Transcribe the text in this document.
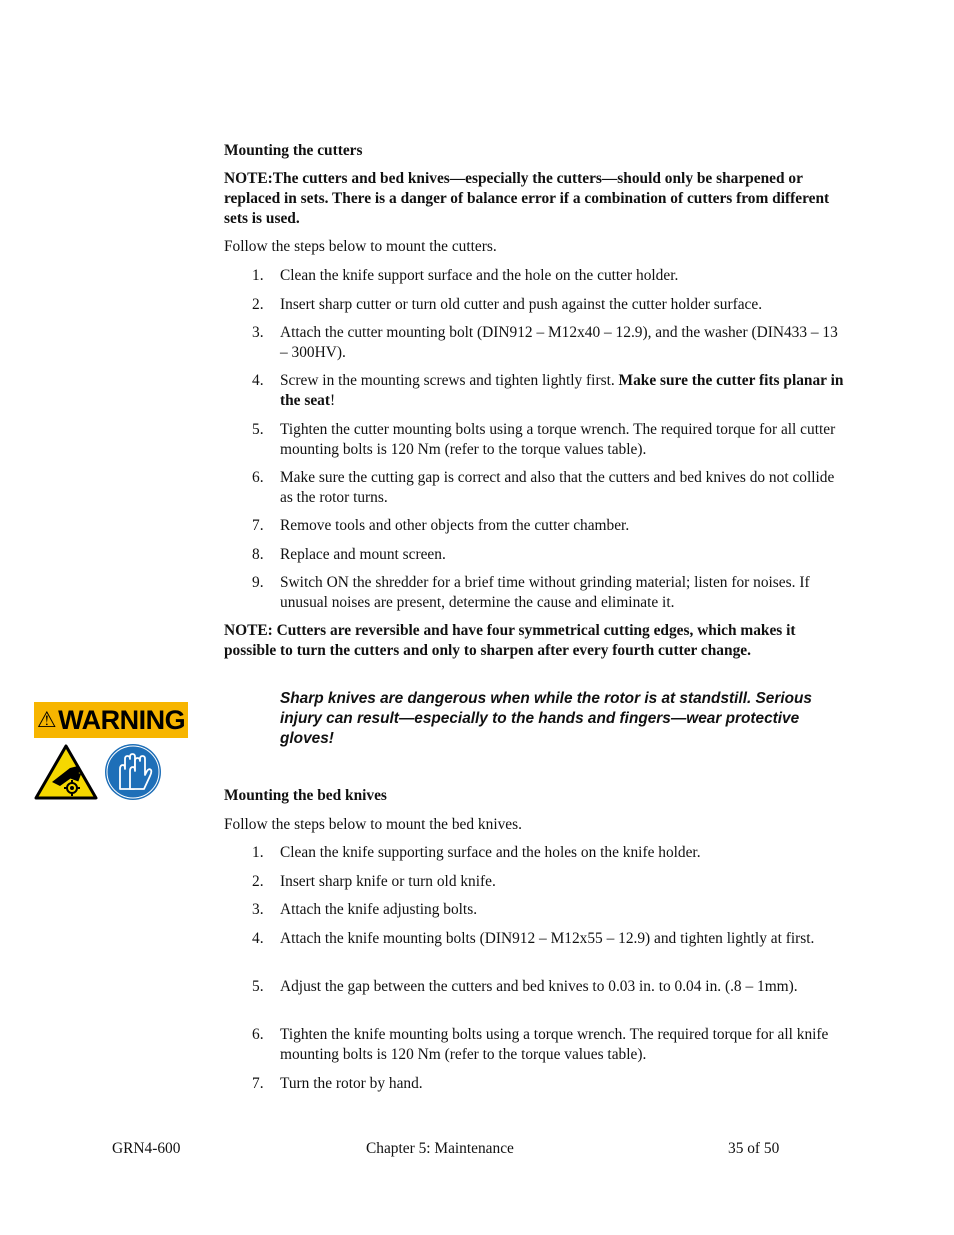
Mounting the cutters

NOTE:The cutters and bed knives—especially the cutters—should only be sharpened or replaced in sets. There is a danger of balance error if a combination of cutters from different sets is used.

Follow the steps below to mount the cutters.

1.	Clean the knife support surface and the hole on the cutter holder.
2.	Insert sharp cutter or turn old cutter and push against the cutter holder surface.
3.	Attach the cutter mounting bolt (DIN912 – M12x40 – 12.9), and the washer (DIN433 – 13 – 300HV).
4.	Screw in the mounting screws and tighten lightly first. Make sure the cutter fits planar in the seat!
5.	Tighten the cutter mounting bolts using a torque wrench. The required torque for all cutter mounting bolts is 120 Nm (refer to the torque values table).
6.	Make sure the cutting gap is correct and also that the cutters and bed knives do not collide as the rotor turns.
7.	Remove tools and other objects from the cutter chamber.
8.	Replace and mount screen.
9.	Switch ON the shredder for a brief time without grinding material; listen for noises. If unusual noises are present, determine the cause and eliminate it.

NOTE: Cutters are reversible and have four symmetrical cutting edges, which makes it possible to turn the cutters and only to sharpen after every fourth cutter change.

⚠ WARNING

Sharp knives are dangerous when while the rotor is at standstill. Serious injury can result—especially to the hands and fingers—wear protective gloves!

Mounting the bed knives

Follow the steps below to mount the bed knives.

1.	Clean the knife supporting surface and the holes on the knife holder.
2.	Insert sharp knife or turn old knife.
3.	Attach the knife adjusting bolts.
4.	Attach the knife mounting bolts (DIN912 – M12x55 – 12.9) and tighten lightly at first.
5.	Adjust the gap between the cutters and bed knives to 0.03 in. to 0.04 in. (.8 – 1mm).
6.	Tighten the knife mounting bolts using a torque wrench. The required torque for all knife mounting bolts is 120 Nm (refer to the torque values table).
7.	Turn the rotor by hand.

GRN4-600	Chapter 5: Maintenance	35 of 50
